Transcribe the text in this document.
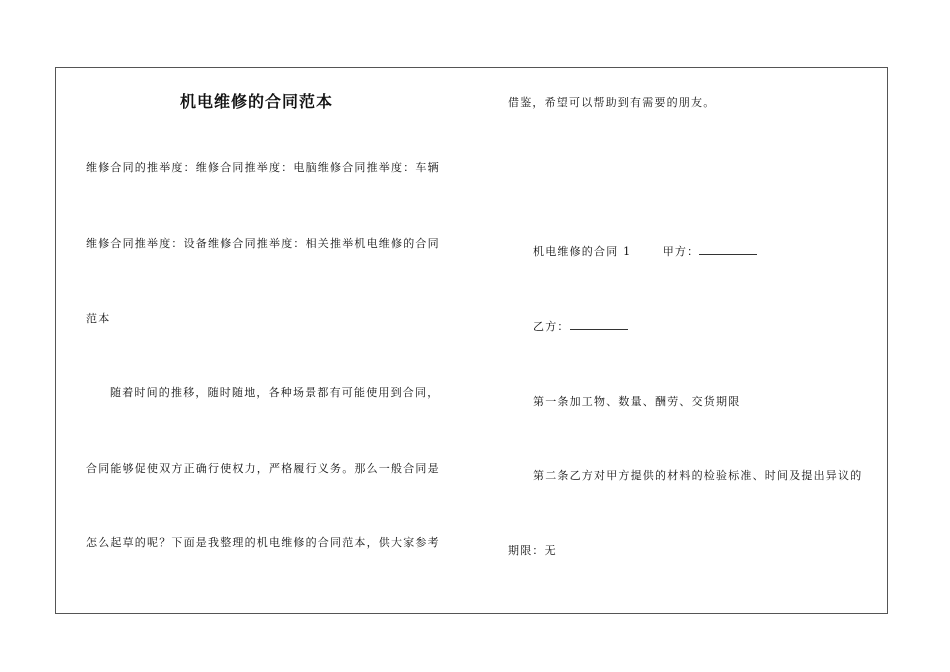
机电维修的合同范本
维修合同的推举度：维修合同推举度：电脑维修合同推举度：车辆
维修合同推举度：设备维修合同推举度：相关推举机电维修的合同
范本
随着时间的推移，随时随地，各种场景都有可能使用到合同，
合同能够促使双方正确行使权力，严格履行义务。那么一般合同是
怎么起草的呢？下面是我整理的机电维修的合同范本，供大家参考
借鉴，希望可以帮助到有需要的朋友。
机电维修的合同 1	甲方：
乙方：
第一条加工物、数量、酬劳、交货期限
第二条乙方对甲方提供的材料的检验标准、时间及提出异议的
期限：无
